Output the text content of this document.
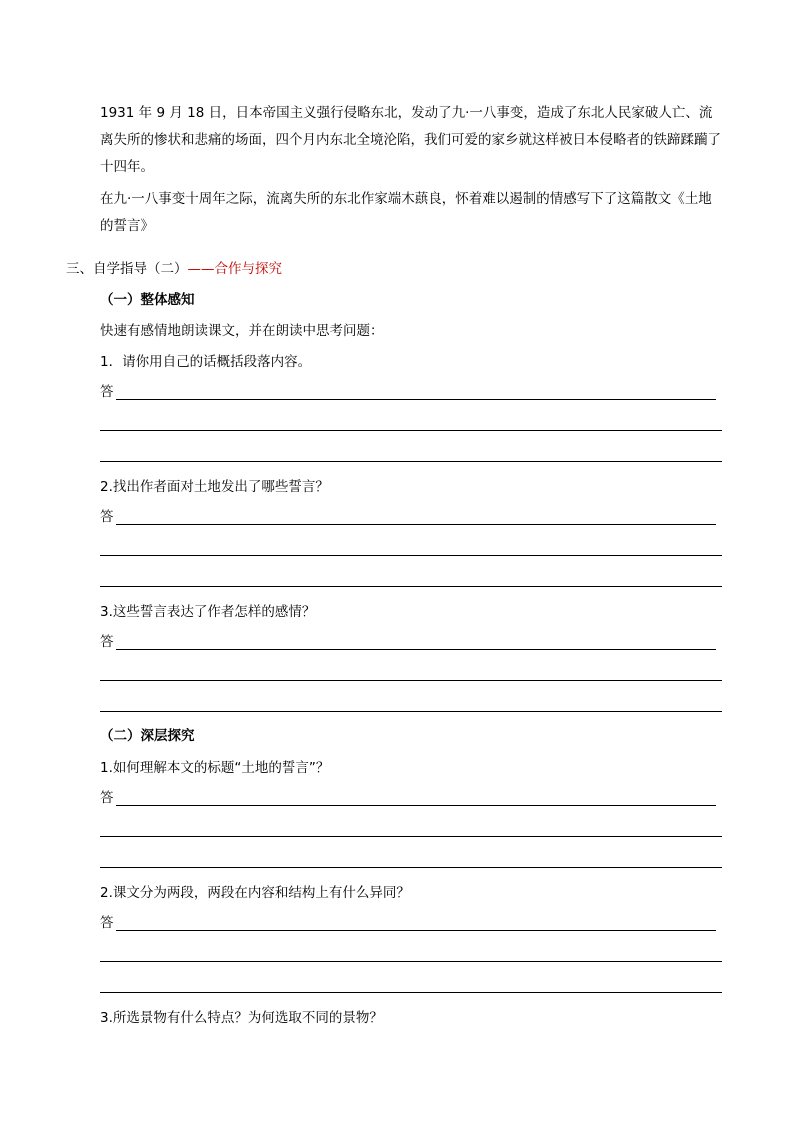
1931 年 9 月 18 日，日本帝国主义强行侵略东北，发动了九·一八事变，造成了东北人民家破人亡、流离失所的惨状和悲痛的场面，四个月内东北全境沦陷，我们可爱的家乡就这样被日本侵略者的铁蹄蹂躏了十四年。

在九·一八事变十周年之际，流离失所的东北作家端木蕻良，怀着难以遏制的情感写下了这篇散文《土地的誓言》

三、自学指导（二）——合作与探究
（一）整体感知
快速有感情地朗读课文，并在朗读中思考问题：
1．请你用自己的话概括段落内容。
答
2.找出作者面对土地发出了哪些誓言？
答
3.这些誓言表达了作者怎样的感情？
答
（二）深层探究
1.如何理解本文的标题“土地的誓言”？
答
2.课文分为两段，两段在内容和结构上有什么异同？
答
3.所选景物有什么特点？为何选取不同的景物？
